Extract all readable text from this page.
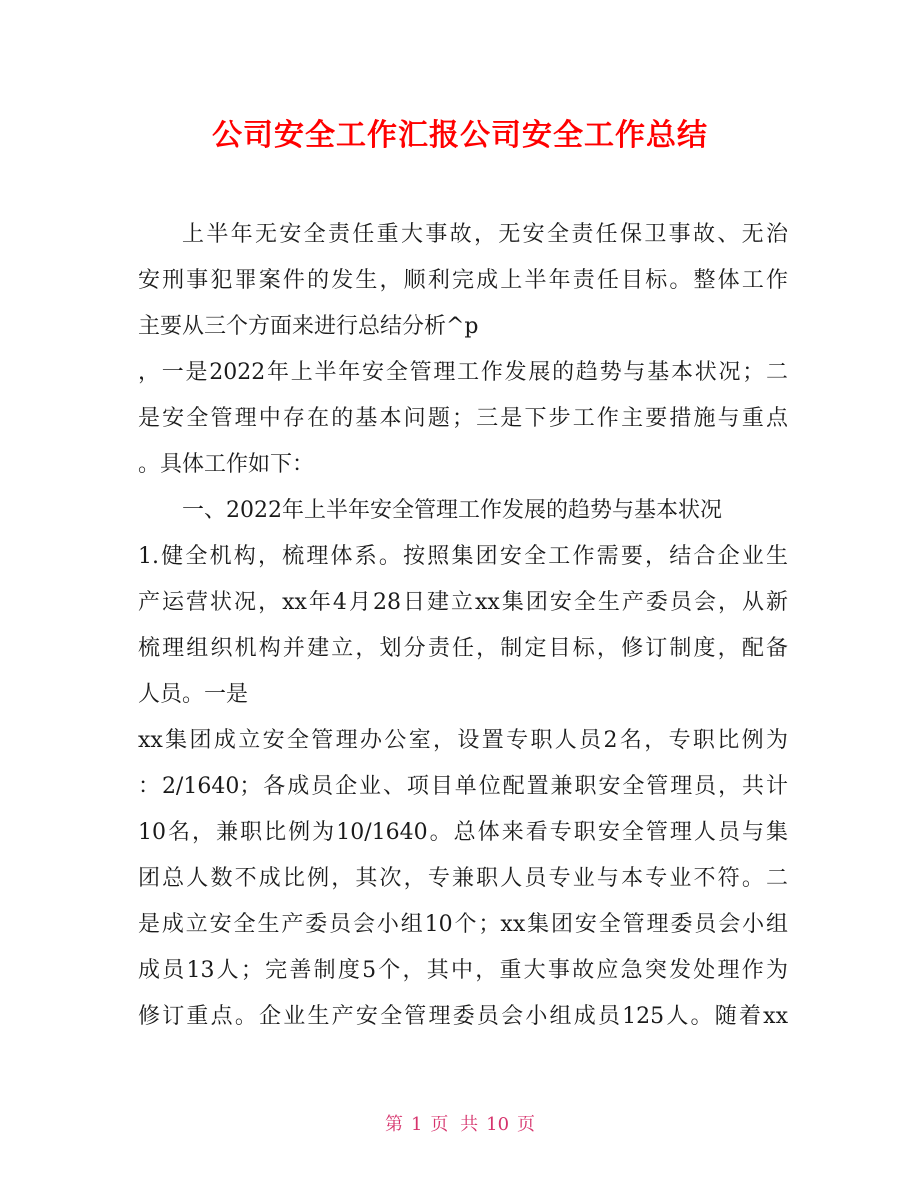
公司安全工作汇报公司安全工作总结
上半年无安全责任重大事故，无安全责任保卫事故、无治
安刑事犯罪案件的发生，顺利完成上半年责任目标。整体工作
主要从三个方面来进行总结分析^p
，一是2022年上半年安全管理工作发展的趋势与基本状况；二
是安全管理中存在的基本问题；三是下步工作主要措施与重点
。具体工作如下：
一、2022年上半年安全管理工作发展的趋势与基本状况
1.健全机构，梳理体系。按照集团安全工作需要，结合企业生
产运营状况，xx年4月28日建立xx集团安全生产委员会，从新
梳理组织机构并建立，划分责任，制定目标，修订制度，配备
人员。一是
xx集团成立安全管理办公室，设置专职人员2名，专职比例为
：2/1640；各成员企业、项目单位配置兼职安全管理员，共计
10名，兼职比例为10/1640。总体来看专职安全管理人员与集
团总人数不成比例，其次，专兼职人员专业与本专业不符。二
是成立安全生产委员会小组10个；xx集团安全管理委员会小组
成员13人；完善制度5个，其中，重大事故应急突发处理作为
修订重点。企业生产安全管理委员会小组成员125人。随着xx
第 1 页 共 10 页
